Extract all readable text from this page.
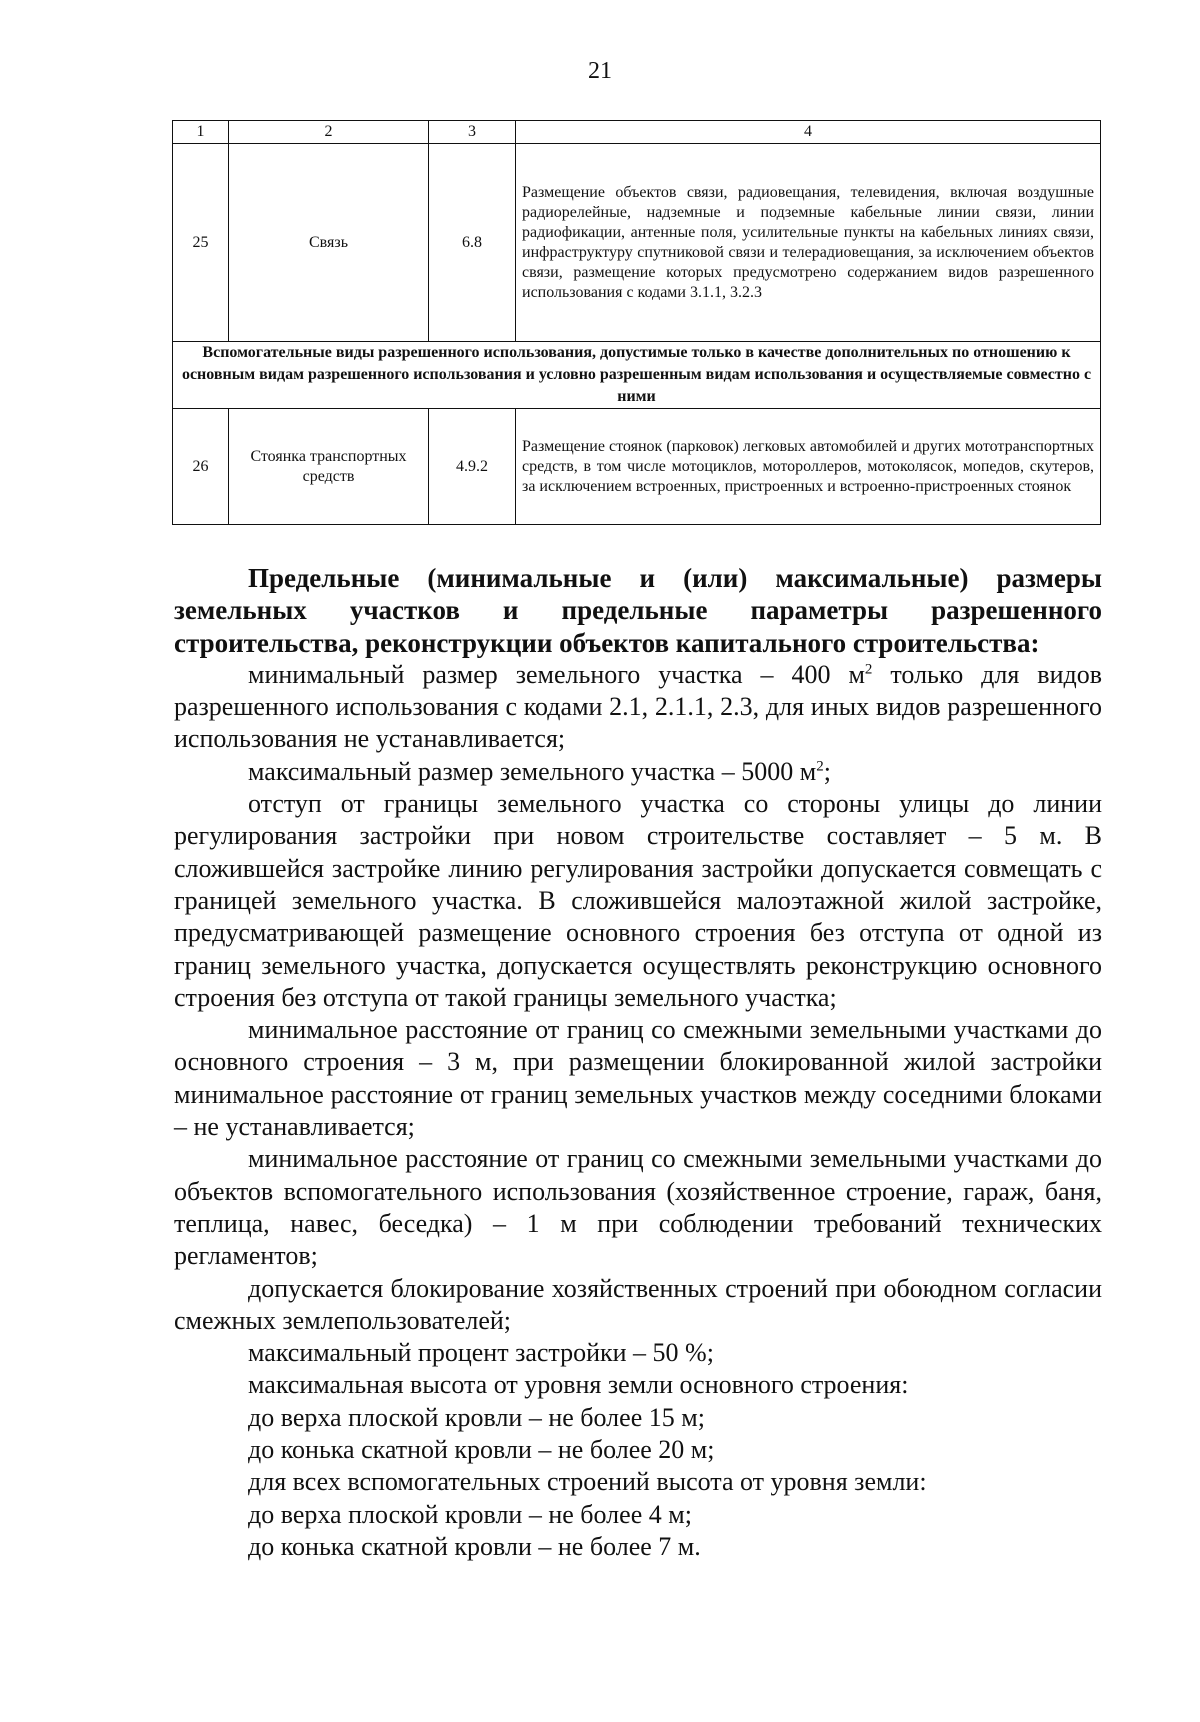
21
1	2	3	4
25	Связь	6.8	Размещение объектов связи, радиовещания, телевидения, включая воздушные радиорелейные, надземные и подземные кабельные линии связи, линии радиофикации, антенные поля, усилительные пункты на кабельных линиях связи, инфраструктуру спутниковой связи и телерадиовещания, за исключением объектов связи, размещение которых предусмотрено содержанием видов разрешенного использования с кодами 3.1.1, 3.2.3
Вспомогательные виды разрешенного использования, допустимые только в качестве дополнительных по отношению к основным видам разрешенного использования и условно разрешенным видам использования и осуществляемые совместно с ними			
26	Стоянка транспортных средств	4.9.2	Размещение стоянок (парковок) легковых автомобилей и других мототранспортных средств, в том числе мотоциклов, мотороллеров, мотоколясок, мопедов, скутеров, за исключением встроенных, пристроенных и встроенно-пристроенных стоянок

Предельные (минимальные и (или) максимальные) размеры земельных участков и предельные параметры разрешенного строительства, реконструкции объектов капитального строительства:

минимальный размер земельного участка – 400 $м^2$ только для видов разрешенного использования с кодами 2.1, 2.1.1, 2.3, для иных видов разрешенного использования не устанавливается;

максимальный размер земельного участка – 5000 $м^2$;

отступ от границы земельного участка со стороны улицы до линии регулирования застройки при новом строительстве составляет – 5 м. В сложившейся застройке линию регулирования застройки допускается совмещать с границей земельного участка. В сложившейся малоэтажной жилой застройке, предусматривающей размещение основного строения без отступа от одной из границ земельного участка, допускается осуществлять реконструкцию основного строения без отступа от такой границы земельного участка;

минимальное расстояние от границ со смежными земельными участками до основного строения – 3 м, при размещении блокированной жилой застройки минимальное расстояние от границ земельных участков между соседними блоками – не устанавливается;

минимальное расстояние от границ со смежными земельными участками до объектов вспомогательного использования (хозяйственное строение, гараж, баня, теплица, навес, беседка) – 1 м при соблюдении требований технических регламентов;

допускается блокирование хозяйственных строений при обоюдном согласии смежных землепользователей;

максимальный процент застройки – 50 %;

максимальная высота от уровня земли основного строения:

до верха плоской кровли – не более 15 м;

до конька скатной кровли – не более 20 м;

для всех вспомогательных строений высота от уровня земли:

до верха плоской кровли – не более 4 м;

до конька скатной кровли – не более 7 м.
